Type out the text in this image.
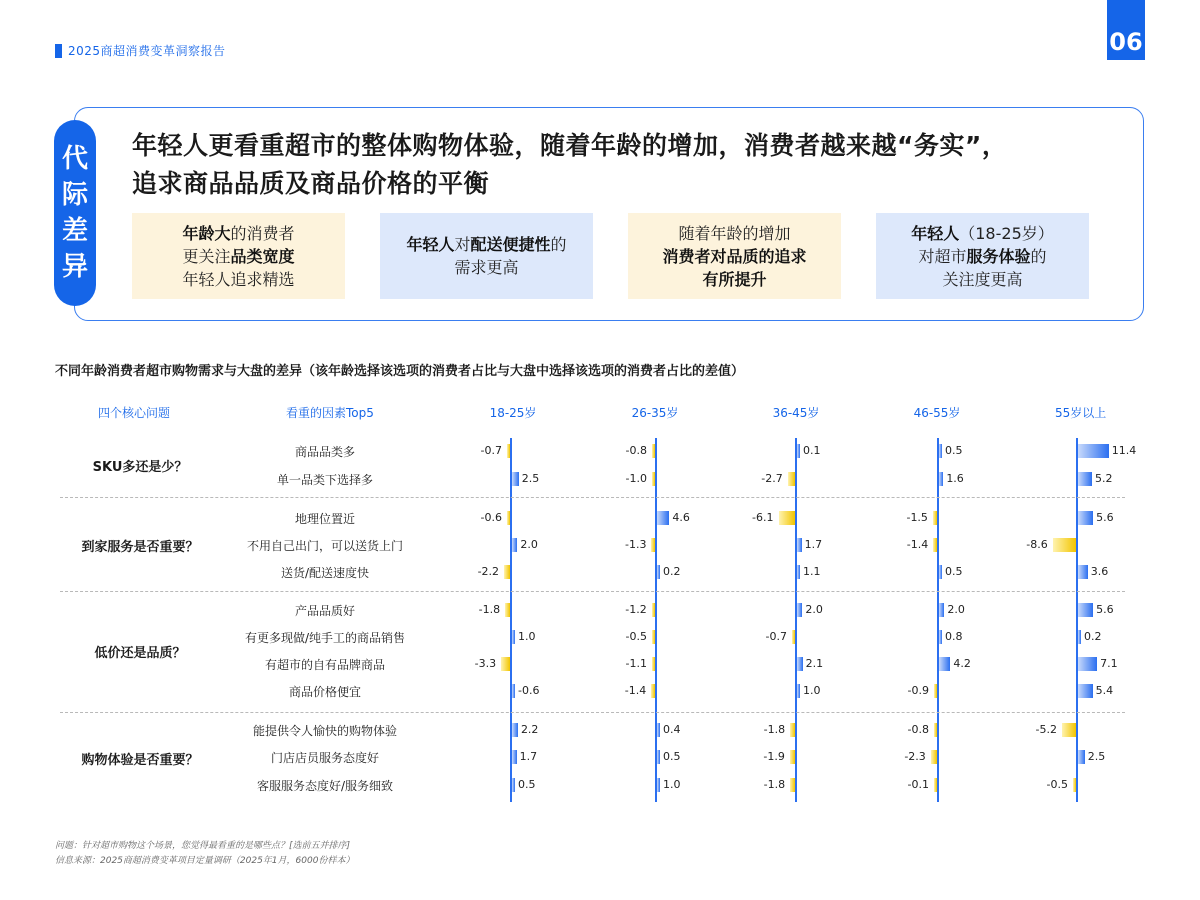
2025商超消费变革洞察报告	06
代
际
差
异
年轻人更看重超市的整体购物体验，随着年龄的增加，消费者越来越“务实”，
追求商品品质及商品价格的平衡
年龄大的消费者
更关注品类宽度
年轻人追求精选
年轻人对配送便捷性的
需求更高
随着年龄的增加
消费者对品质的追求
有所提升
年轻人（18-25岁）
对超市服务体验的
关注度更高
不同年龄消费者超市购物需求与大盘的差异（该年龄选择该选项的消费者占比与大盘中选择该选项的消费者占比的差值）
四个核心问题	看重的因素Top5	18-25岁	26-35岁	36-45岁	46-55岁	55岁以上
SKU多还是少？
商品品类多	-0.7	-0.8	0.1	0.5	11.4
单一品类下选择多	2.5	-1.0	-2.7	1.6	5.2
到家服务是否重要？
地理位置近	-0.6	4.6	-6.1	-1.5	5.6
不用自己出门，可以送货上门	2.0	-1.3	1.7	-1.4	-8.6
送货/配送速度快	-2.2	0.2	1.1	0.5	3.6
低价还是品质？
产品品质好	-1.8	-1.2	2.0	2.0	5.6
有更多现做/纯手工的商品销售	1.0	-0.5	-0.7	0.8	0.2
有超市的自有品牌商品	-3.3	-1.1	2.1	4.2	7.1
商品价格便宜	-0.6	-1.4	1.0	-0.9	5.4
购物体验是否重要？
能提供令人愉快的购物体验	2.2	0.4	-1.8	-0.8	-5.2
门店店员服务态度好	1.7	0.5	-1.9	-2.3	2.5
客服服务态度好/服务细致	0.5	1.0	-1.8	-0.1	-0.5
问题：针对超市购物这个场景，您觉得最看重的是哪些点？[选前五并排序]
信息来源：2025商超消费变革项目定量调研（2025年1月，6000份样本）
